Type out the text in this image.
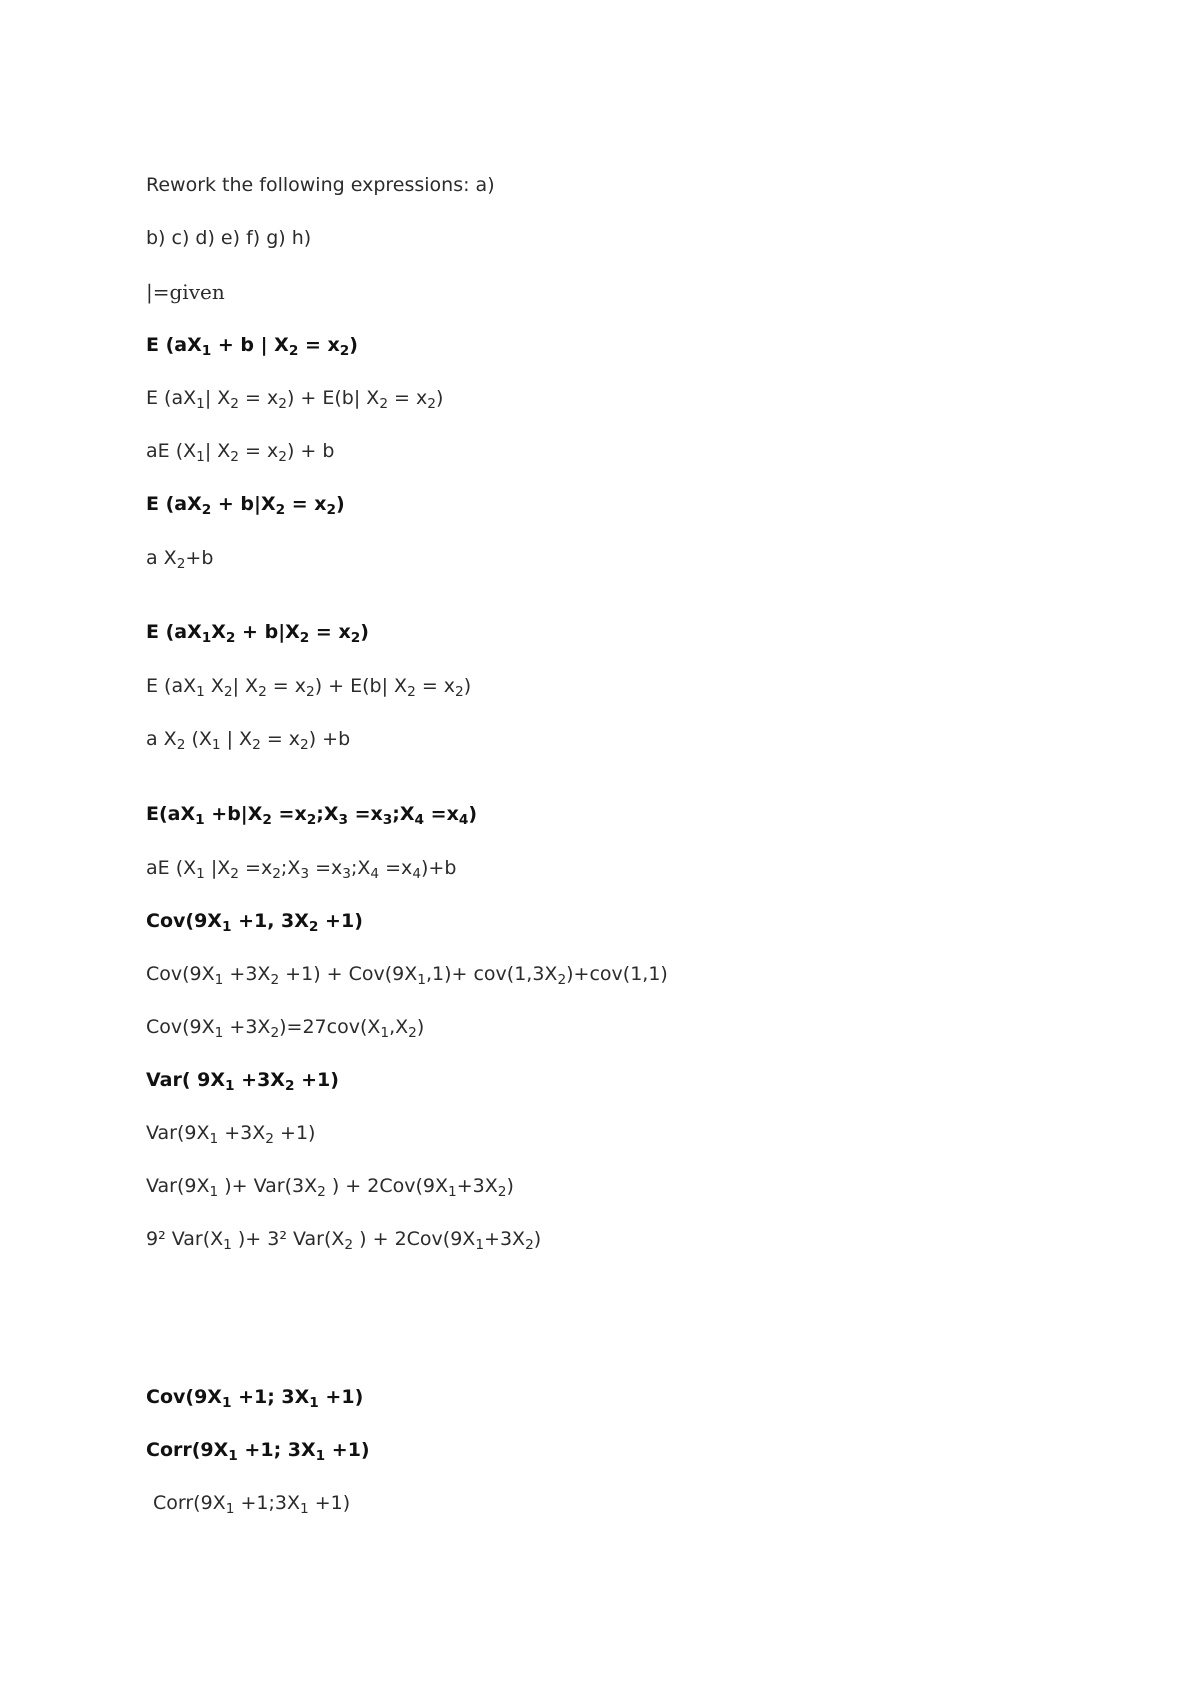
Rework the following expressions: a)
b) c) d) e) f) g) h)
|=given
E ($aX_1 + b$ | $X_2 = x_2$)
E ($aX_1|$ $X_2 = x_2) + E(b|$ $X_2 = x_2$)
aE ($X_1|$ $X_2 = x_2) + b$
E $(aX_2 + b|X_2 = x_2)$
a $X_2+b$
E $(aX_1X_2 + b|X_2 = x_2)$
E ($aX_1$ $X_2|$ $X_2 = x_2) + E(b|$ $X_2 = x_2$)
a $X_2$ ($X_1$ | $X_2 = x_2) +b$
$E(aX_1 +b|X_2$ $=x_2;X_3$ $=x_3;X_4 =x_4$)
aE ($X_1$ $|X_2$ $=x_2;X_3$ $=x_3;X_4 =x_4)+b$
$Cov(9X_1 +1$, $3X_2 +1$)
$Cov(9X_1 +3X_2 +1) + Cov(9X_1,1)+ cov(1,3X_2)+cov(1,1)$
$Cov(9X_1 +3X_2)=27cov(X_1,X_2)$
Var( $9X_1 +3X_2 +1$)
$Var(9X_1 +3X_2 +1)$
$Var(9X_1$ )+ $Var(3X_2$ ) + $2Cov(9X_1+3X_2)$
9² $Var(X_1$ )+ 3² $Var(X_2$ ) + $2Cov(9X_1+3X_2)$
$Cov(9X_1 +1$; $3X_1 +1$)
$Corr(9X_1 +1$; $3X_1 +1$)
$Corr(9X_1$ $+1;3X_1 +1$)
